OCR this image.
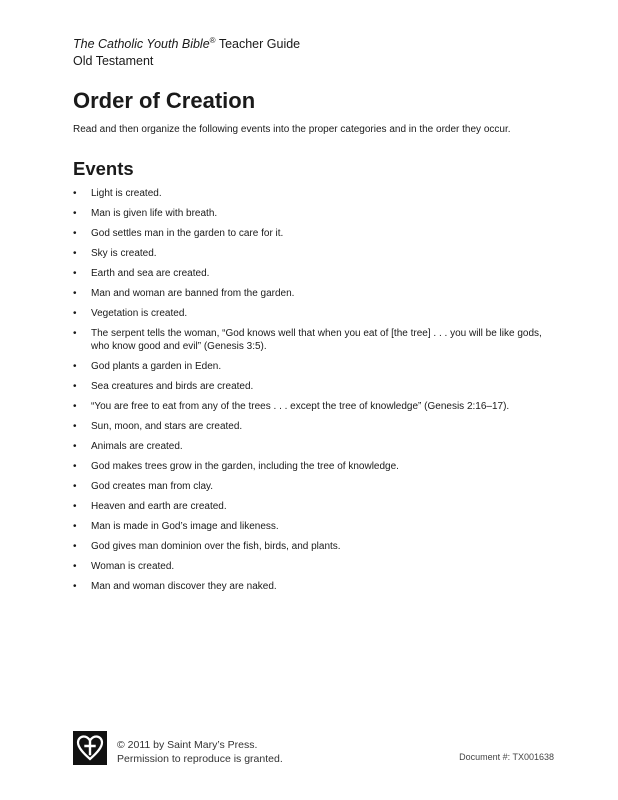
The Catholic Youth Bible® Teacher Guide
Old Testament
Order of Creation

Read and then organize the following events into the proper categories and in the order they occur.

Events
• Light is created.
• Man is given life with breath.
• God settles man in the garden to care for it.
• Sky is created.
• Earth and sea are created.
• Man and woman are banned from the garden.
• Vegetation is created.
• The serpent tells the woman, “God knows well that when you eat of [the tree] . . . you will be like gods, who know good and evil” (Genesis 3:5).
• God plants a garden in Eden.
• Sea creatures and birds are created.
• “You are free to eat from any of the trees . . . except the tree of knowledge” (Genesis 2:16–17).
• Sun, moon, and stars are created.
• Animals are created.
• God makes trees grow in the garden, including the tree of knowledge.
• God creates man from clay.
• Heaven and earth are created.
• Man is made in God’s image and likeness.
• God gives man dominion over the fish, birds, and plants.
• Woman is created.
• Man and woman discover they are naked.
© 2011 by Saint Mary’s Press.
Permission to reproduce is granted.	Document #: TX001638
